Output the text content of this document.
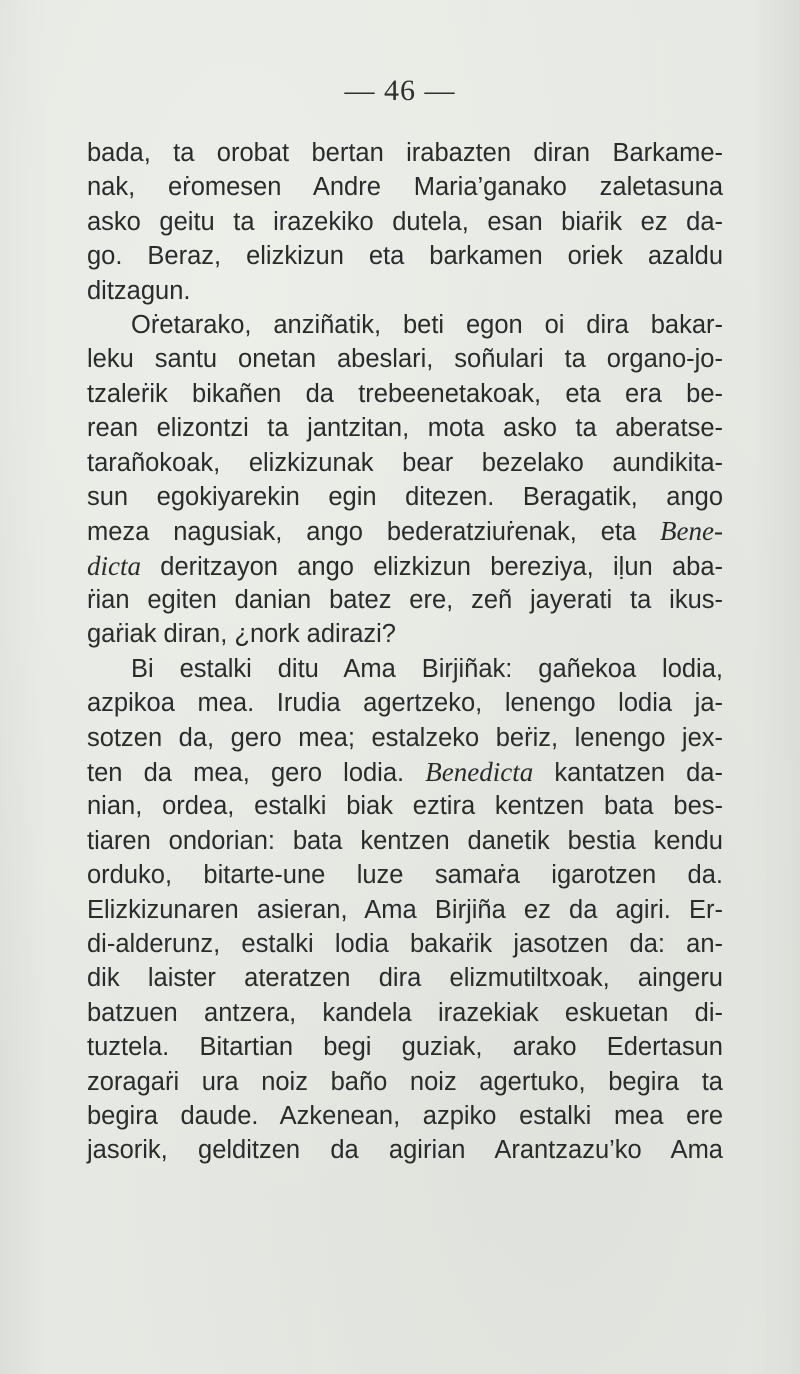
— 46 —
bada, ta orobat bertan irabazten diran Barkame-
nak, eṙomesen Andre Maria’ganako zaletasuna
asko geitu ta irazekiko dutela, esan biaṙik ez da-
go. Beraz, elizkizun eta barkamen oriek azaldu
ditzagun.
Oṙetarako, anziñatik, beti egon oi dira bakar-
leku santu onetan abeslari, soñulari ta organo-jo-
tzaleṙik bikañen da trebeenetakoak, eta era be-
rean elizontzi ta jantzitan, mota asko ta aberatse-
tarañokoak, elizkizunak bear bezelako aundikita-
sun egokiyarekin egin ditezen. Beragatik, ango
meza nagusiak, ango bederatziuṙenak, eta Bene-
dicta deritzayon ango elizkizun bereziya, iḷun aba-
ṙian egiten danian batez ere, zeñ jayerati ta ikus-
gaṙiak diran, ¿nork adirazi?
Bi estalki ditu Ama Birjiñak: gañekoa lodia,
azpikoa mea. Irudia agertzeko, lenengo lodia ja-
sotzen da, gero mea; estalzeko beṙiz, lenengo jex-
ten da mea, gero lodia. Benedicta kantatzen da-
nian, ordea, estalki biak eztira kentzen bata bes-
tiaren ondorian: bata kentzen danetik bestia kendu
orduko, bitarte-une luze samaṙa igarotzen da.
Elizkizunaren asieran, Ama Birjiña ez da agiri. Er-
di-alderunz, estalki lodia bakaṙik jasotzen da: an-
dik laister ateratzen dira elizmutiltxoak, aingeru
batzuen antzera, kandela irazekiak eskuetan di-
tuztela. Bitartian begi guziak, arako Edertasun
zoragaṙi ura noiz baño noiz agertuko, begira ta
begira daude. Azkenean, azpiko estalki mea ere
jasorik, gelditzen da agirian Arantzazu’ko Ama
